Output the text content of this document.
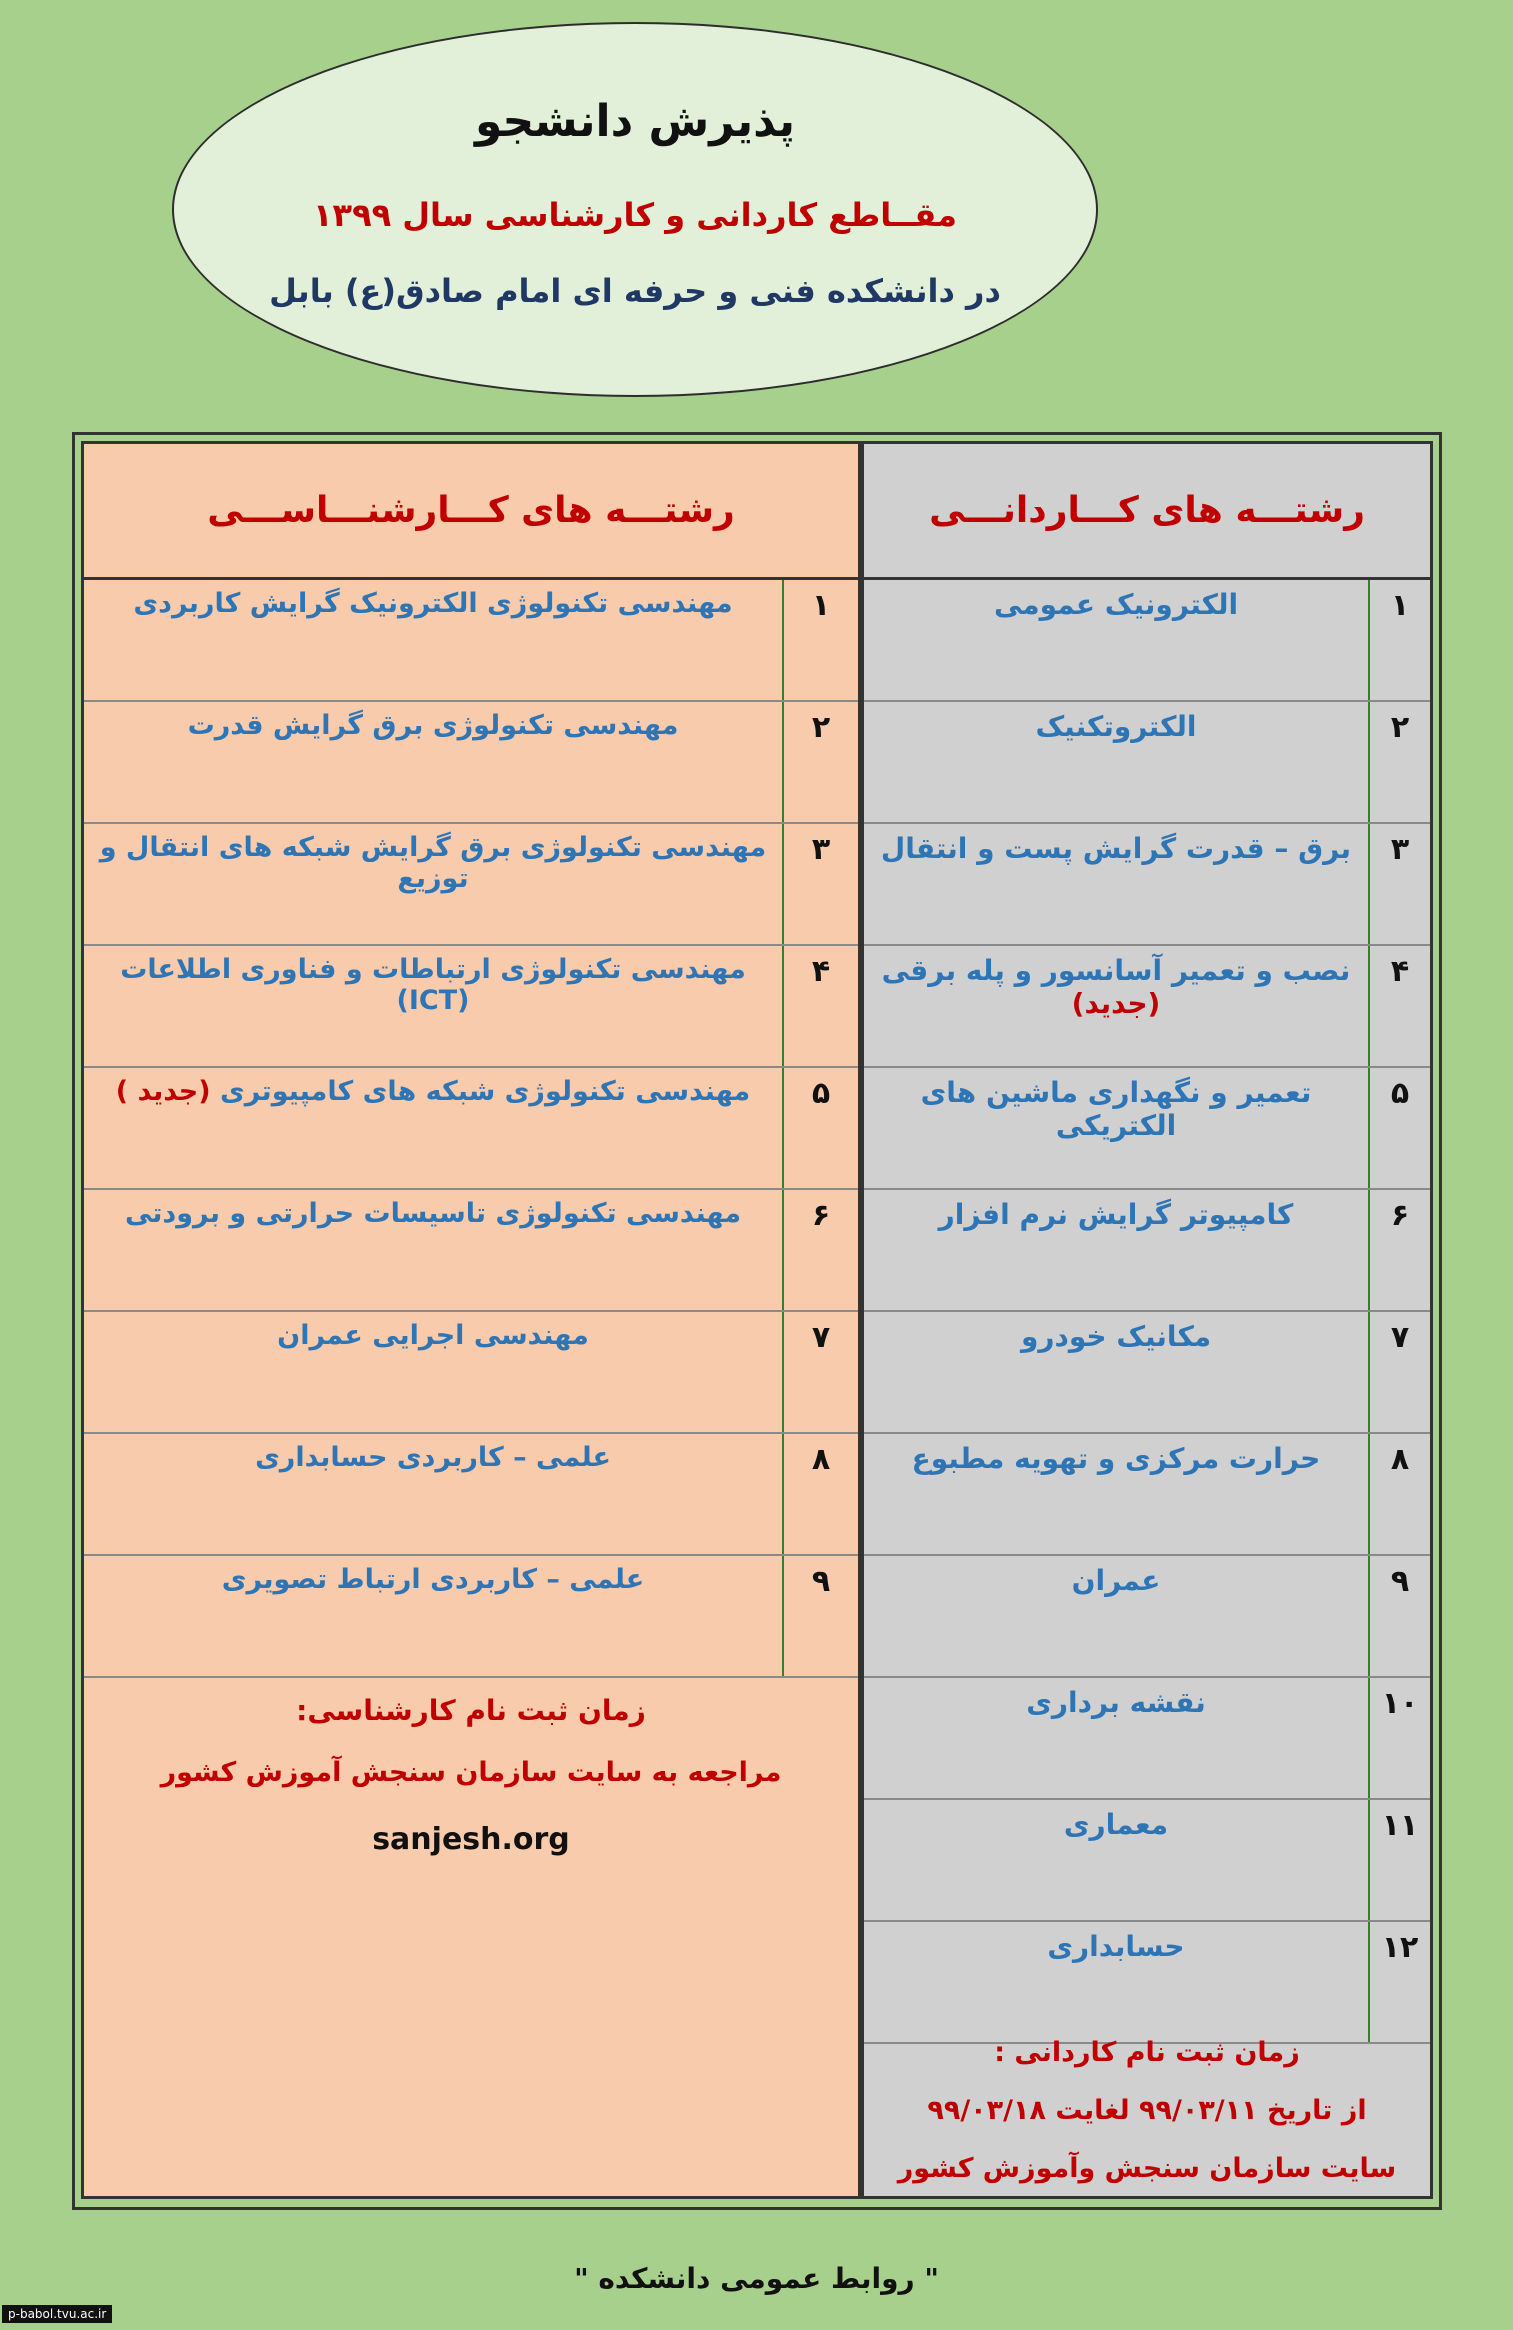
پذیرش دانشجو
مقــاطع کاردانی و کارشناسی سال ۱۳۹۹
در دانشکده فنی و حرفه ای امام صادق(ع) بابل
رشتـــه های کـــاردانـــی
۱
الکترونیک عمومی
۲
الکتروتکنیک
۳
برق – قدرت گرایش پست و انتقال
۴
نصب و تعمیر آسانسور و پله برقی (جدید)
۵
تعمیر و نگهداری ماشین های الکتریکی
۶
کامپیوتر گرایش نرم افزار
۷
مکانیک خودرو
۸
حرارت مرکزی و تهویه مطبوع
۹
عمران
۱۰
نقشه برداری
۱۱
معماری
۱۲
حسابداری
زمان ثبت نام کاردانی :
از تاریخ ۹۹/۰۳/۱۱ لغایت ۹۹/۰۳/۱۸
سایت سازمان سنجش وآموزش کشور
رشتـــه های کـــارشنـــاســـی
۱
مهندسی تکنولوژی الکترونیک گرایش کاربردی
۲
مهندسی تکنولوژی برق گرایش قدرت
۳
مهندسی تکنولوژی برق گرایش شبکه های انتقال و توزیع
۴
مهندسی تکنولوژی ارتباطات و فناوری اطلاعات (ICT)
۵
مهندسی تکنولوژی شبکه های کامپیوتری (جدید )
۶
مهندسی تکنولوژی تاسیسات حرارتی و برودتی
۷
مهندسی اجرایی عمران
۸
علمی – کاربردی حسابداری
۹
علمی – کاربردی ارتباط تصویری
زمان ثبت نام کارشناسی:
مراجعه به سایت سازمان سنجش آموزش کشور
sanjesh.org
" روابط عمومی دانشکده "
p-babol.tvu.ac.ir
